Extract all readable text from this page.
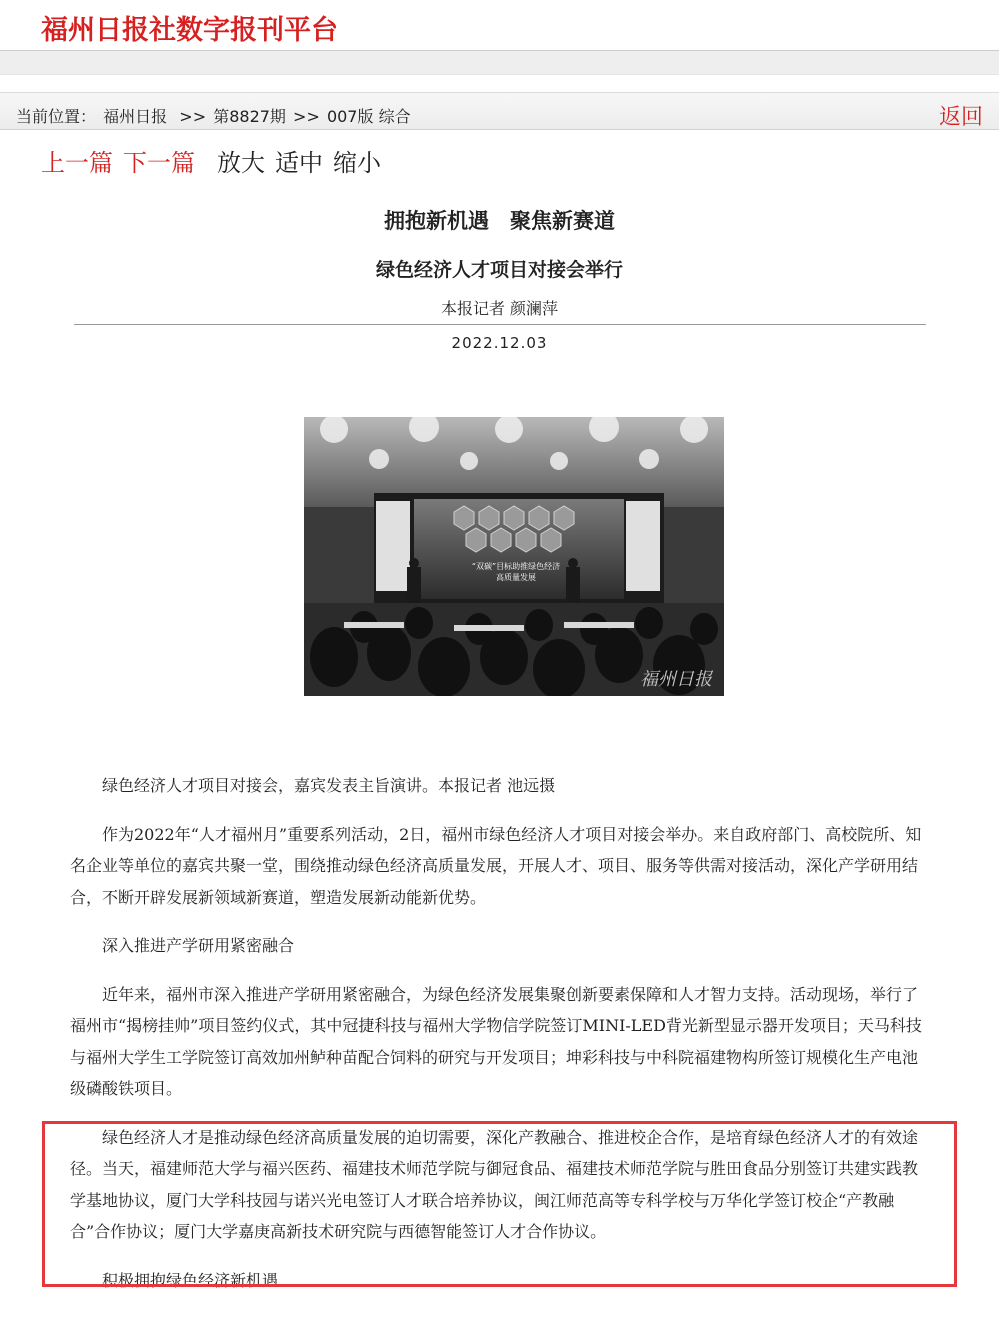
福州日报社数字报刊平台
当前位置： 福州日报 >> 第8827期 >> 007版 综合	返回
上一篇 下一篇 放大 适中 缩小
拥抱新机遇　聚焦新赛道
绿色经济人才项目对接会举行
本报记者 颜澜萍
2022.12.03
“双碳”目标助推绿色经济
高质量发展
福州日报

绿色经济人才项目对接会，嘉宾发表主旨演讲。本报记者 池远摄

作为2022年“人才福州月”重要系列活动，2日，福州市绿色经济人才项目对接会举办。来自政府部门、高校院所、知名企业等单位的嘉宾共聚一堂，围绕推动绿色经济高质量发展，开展人才、项目、服务等供需对接活动，深化产学研用结合，不断开辟发展新领域新赛道，塑造发展新动能新优势。

深入推进产学研用紧密融合

近年来，福州市深入推进产学研用紧密融合，为绿色经济发展集聚创新要素保障和人才智力支持。活动现场，举行了福州市“揭榜挂帅”项目签约仪式，其中冠捷科技与福州大学物信学院签订MINI-LED背光新型显示器开发项目；天马科技与福州大学生工学院签订高效加州鲈种苗配合饲料的研究与开发项目；坤彩科技与中科院福建物构所签订规模化生产电池级磷酸铁项目。

绿色经济人才是推动绿色经济高质量发展的迫切需要，深化产教融合、推进校企合作，是培育绿色经济人才的有效途径。当天，福建师范大学与福兴医药、福建技术师范学院与御冠食品、福建技术师范学院与胜田食品分别签订共建实践教学基地协议，厦门大学科技园与诺兴光电签订人才联合培养协议，闽江师范高等专科学校与万华化学签订校企“产教融合”合作协议；厦门大学嘉庚高新技术研究院与西德智能签订人才合作协议。

积极拥抱绿色经济新机遇
